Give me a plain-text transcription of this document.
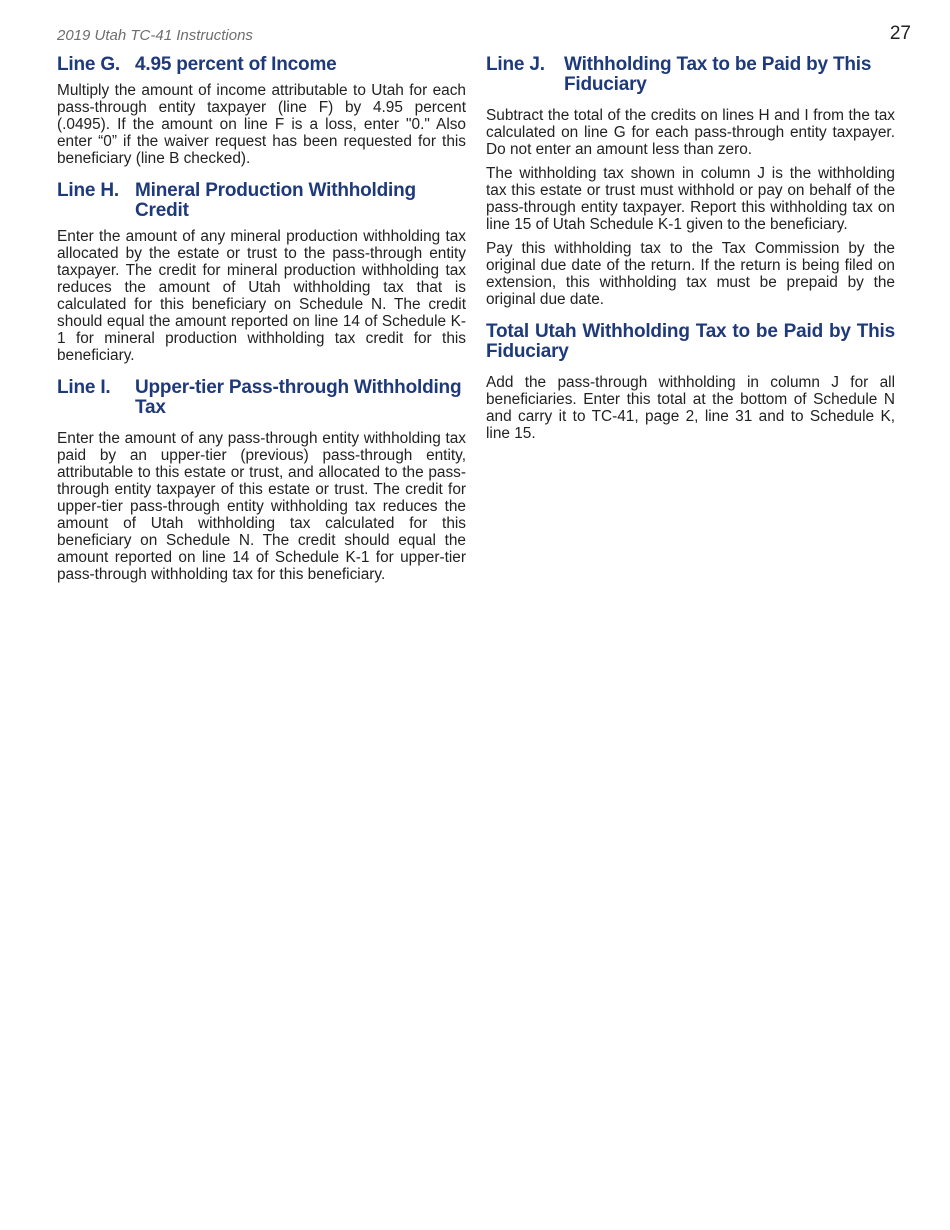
2019 Utah TC-41 Instructions	27
Line G. 4.95 percent of Income

Multiply the amount of income attributable to Utah for each pass-through entity taxpayer (line F) by 4.95 percent (.0495). If the amount on line F is a loss, enter "0." Also enter “0” if the waiver request has been requested for this beneficiary (line B checked).

Line H. Mineral Production Withholding Credit

Enter the amount of any mineral production withholding tax allocated by the estate or trust to the pass-through entity taxpayer. The credit for mineral production withholding tax reduces the amount of Utah withholding tax that is calculated for this beneficiary on Schedule N. The credit should equal the amount reported on line 14 of Schedule K-1 for mineral production withholding tax credit for this beneficiary.

Line I.	Upper-tier Pass-through Withholding Tax

Enter the amount of any pass-through entity withholding tax paid by an upper-tier (previous) pass-through entity, attributable to this estate or trust, and allocated to the pass-through entity taxpayer of this estate or trust. The credit for upper-tier pass-through entity withholding tax reduces the amount of Utah withholding tax calculated for this beneficiary on Schedule N. The credit should equal the amount reported on line 14 of Schedule K-1 for upper-tier pass-through withholding tax for this beneficiary.

Line J.	Withholding Tax to be Paid by This Fiduciary

Subtract the total of the credits on lines H and I from the tax calculated on line G for each pass-through entity taxpayer. Do not enter an amount less than zero.

The withholding tax shown in column J is the withholding tax this estate or trust must withhold or pay on behalf of the pass-through entity taxpayer. Report this withholding tax on line 15 of Utah Schedule K-1 given to the beneficiary.

Pay this withholding tax to the Tax Commission by the original due date of the return. If the return is being filed on extension, this withholding tax must be prepaid by the original due date.

Total Utah Withholding Tax to be Paid by This Fiduciary

Add the pass-through withholding in column J for all beneficiaries. Enter this total at the bottom of Schedule N and carry it to TC-41, page 2, line 31 and to Schedule K, line 15.
